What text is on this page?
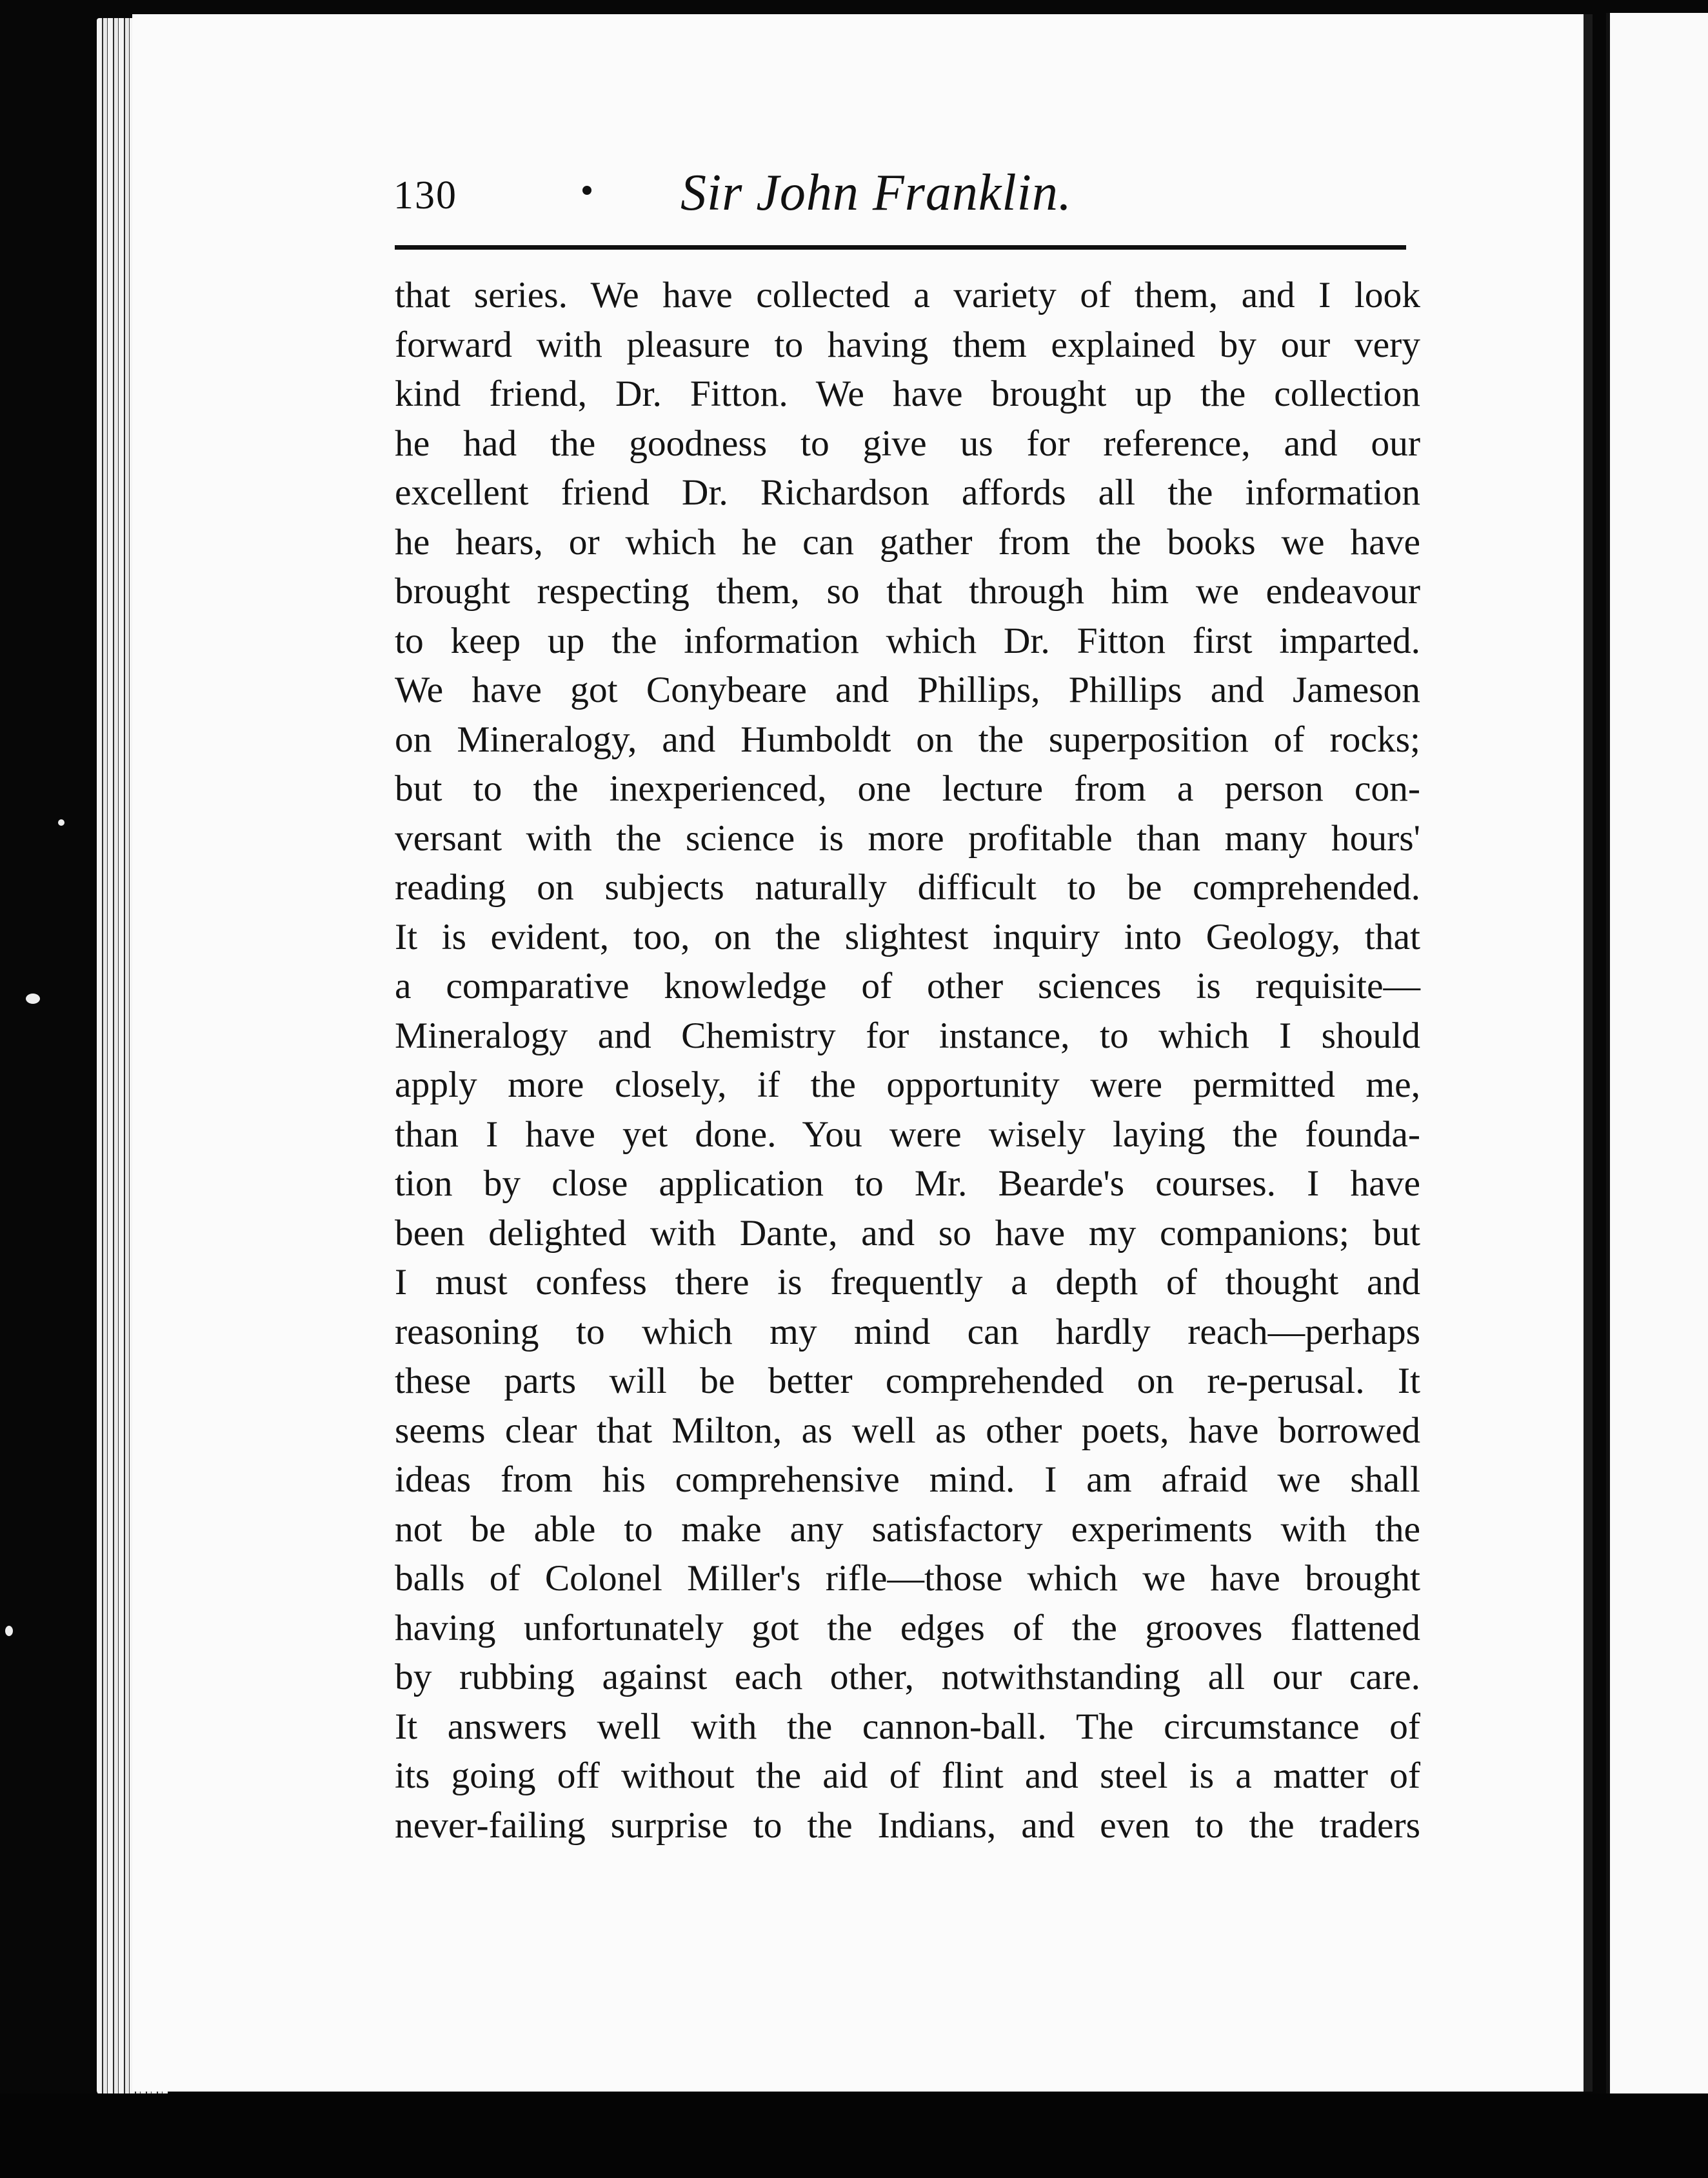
130	Sir John Franklin.
that series. We have collected a variety of them, and I look
forward with pleasure to having them explained by our very
kind friend, Dr. Fitton. We have brought up the collection
he had the goodness to give us for reference, and our
excellent friend Dr. Richardson affords all the information
he hears, or which he can gather from the books we have
brought respecting them, so that through him we endeavour
to keep up the information which Dr. Fitton first imparted.
We have got Conybeare and Phillips, Phillips and Jameson
on Mineralogy, and Humboldt on the superposition of rocks;
but to the inexperienced, one lecture from a person con-
versant with the science is more profitable than many hours'
reading on subjects naturally difficult to be comprehended.
It is evident, too, on the slightest inquiry into Geology, that
a comparative knowledge of other sciences is requisite—
Mineralogy and Chemistry for instance, to which I should
apply more closely, if the opportunity were permitted me,
than I have yet done. You were wisely laying the founda-
tion by close application to Mr. Bearde's courses. I have
been delighted with Dante, and so have my companions; but
I must confess there is frequently a depth of thought and
reasoning to which my mind can hardly reach—perhaps
these parts will be better comprehended on re-perusal. It
seems clear that Milton, as well as other poets, have borrowed
ideas from his comprehensive mind. I am afraid we shall
not be able to make any satisfactory experiments with the
balls of Colonel Miller's rifle—those which we have brought
having unfortunately got the edges of the grooves flattened
by rubbing against each other, notwithstanding all our care.
It answers well with the cannon-ball. The circumstance of
its going off without the aid of flint and steel is a matter of
never-failing surprise to the Indians, and even to the traders
